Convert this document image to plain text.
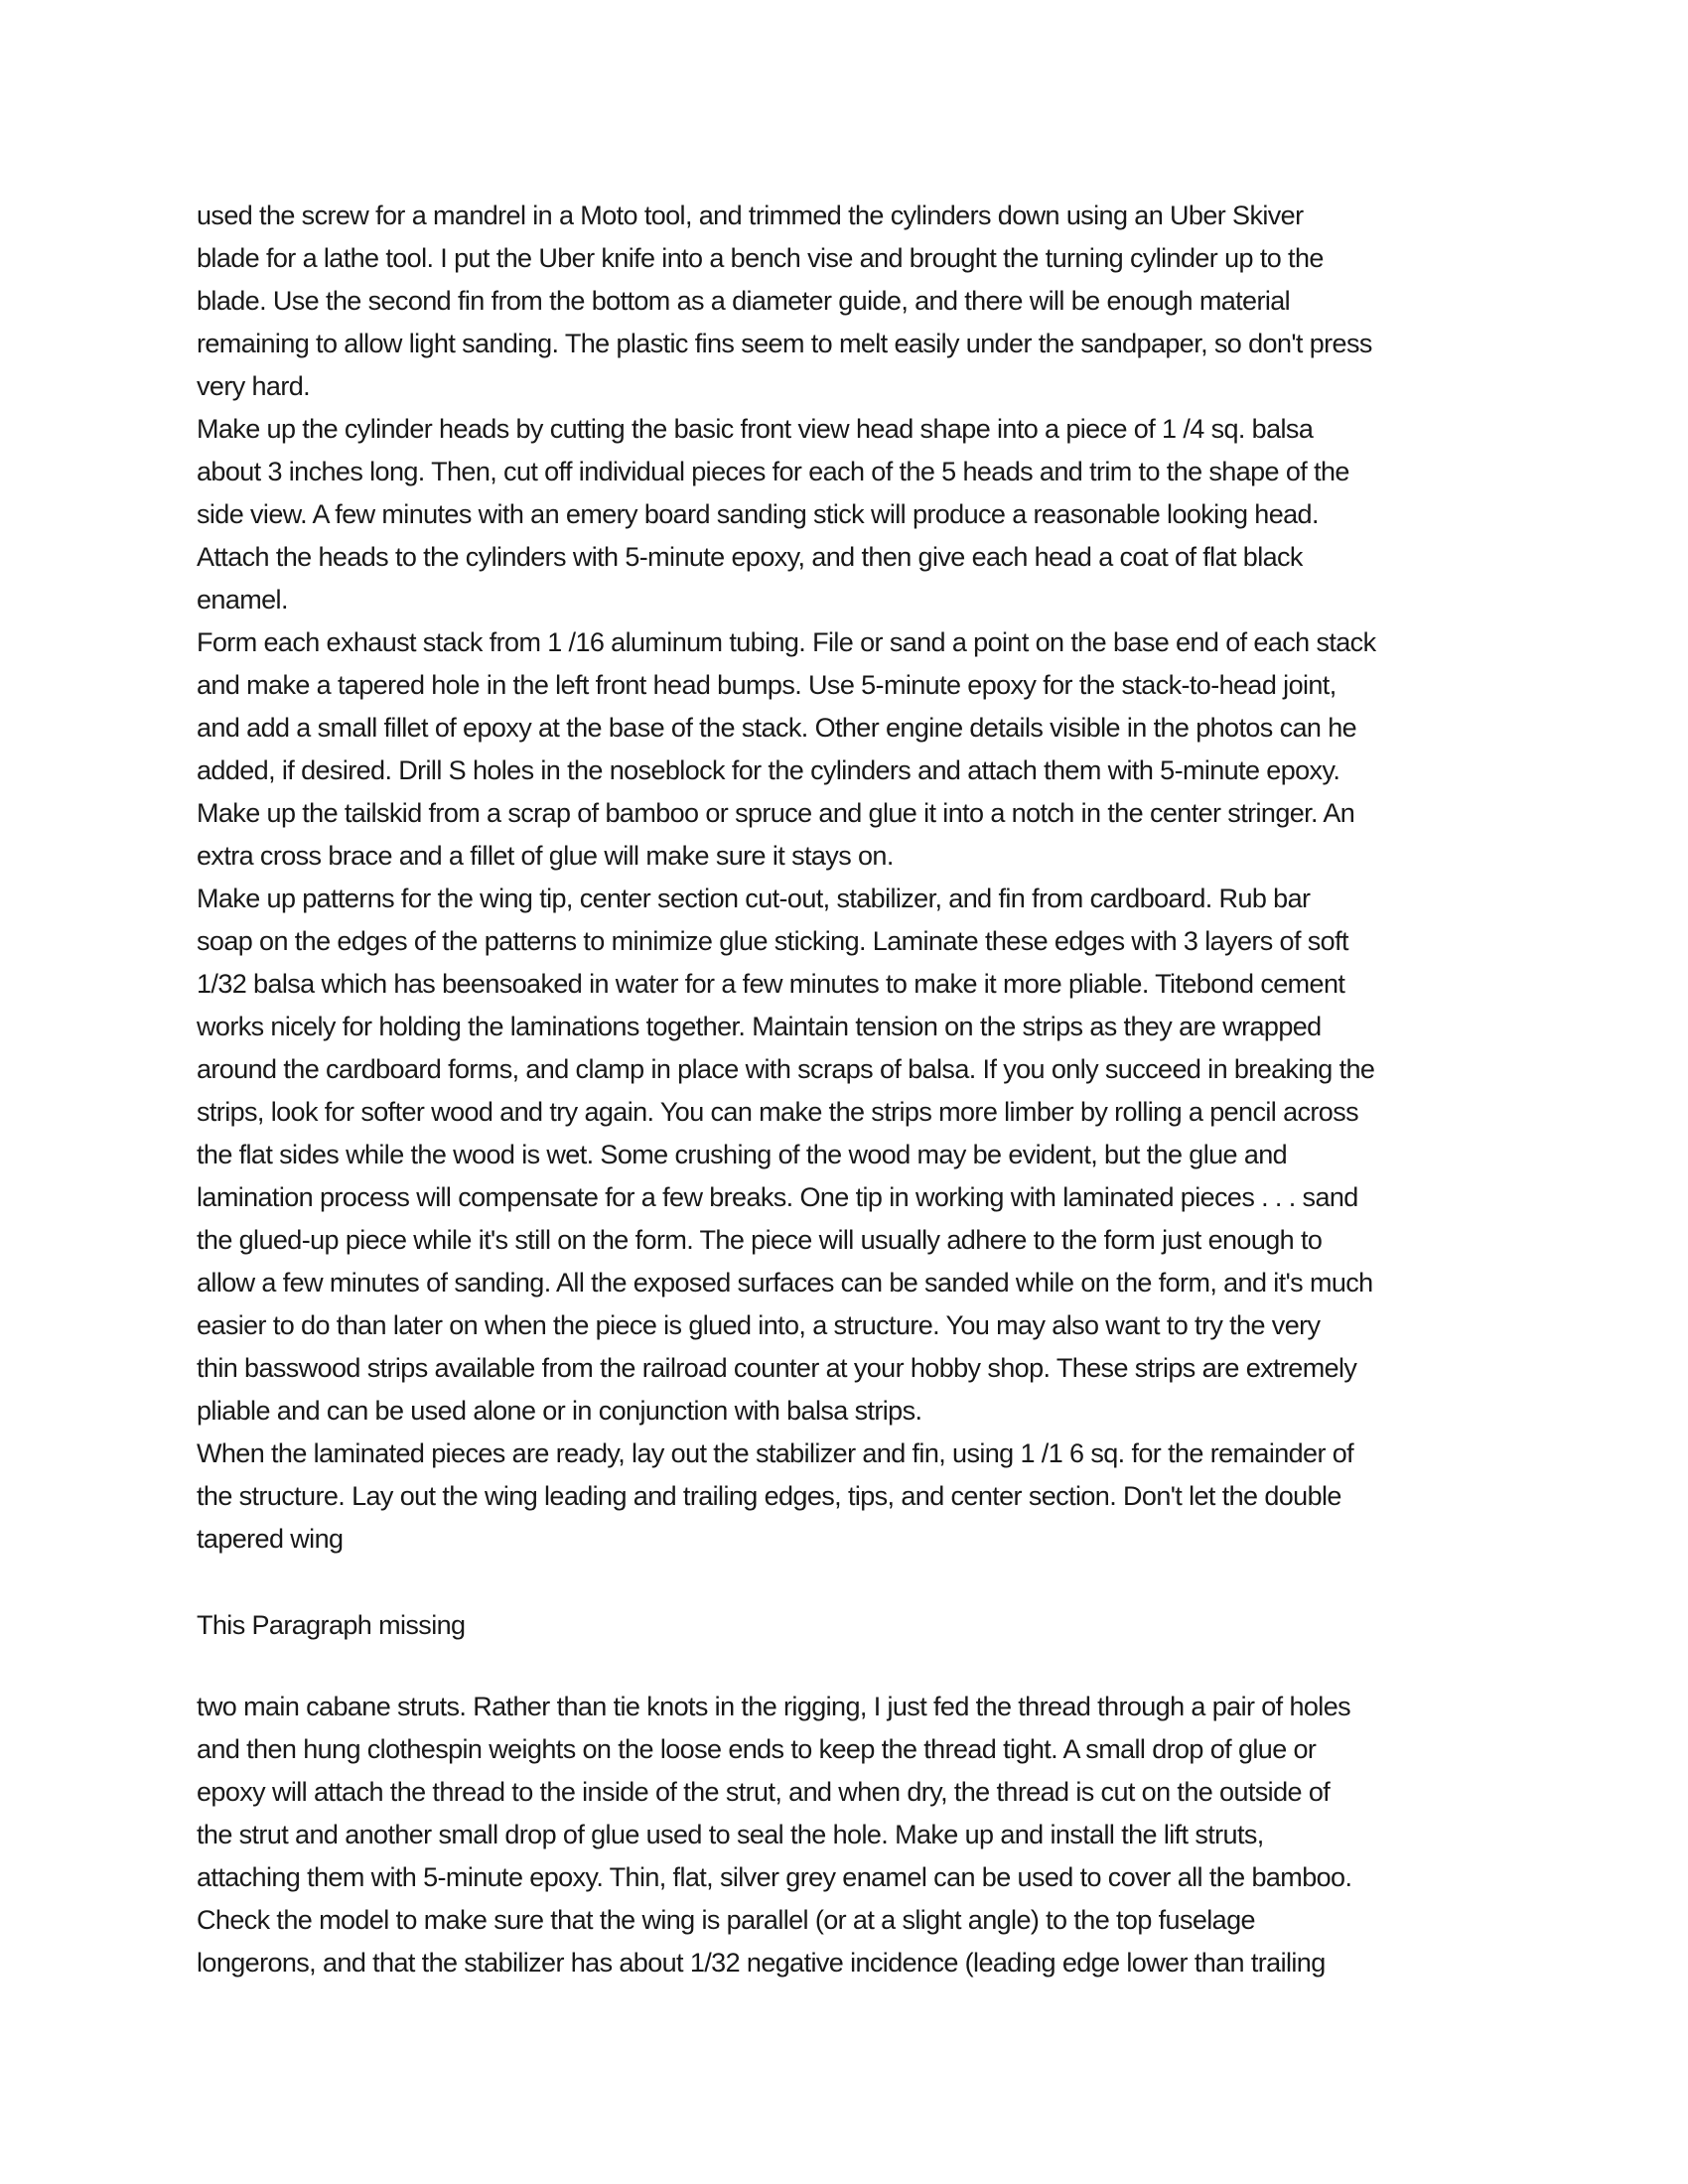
used the screw for a mandrel in a Moto tool, and trimmed the cylinders down using an Uber Skiver
blade for a lathe tool. I put the Uber knife into a bench vise and brought the turning cylinder up to the
blade. Use the second fin from the bottom as a diameter guide, and there will be enough material
remaining to allow light sanding. The plastic fins seem to melt easily under the sandpaper, so don't press
very hard.
Make up the cylinder heads by cutting the basic front view head shape into a piece of 1 /4 sq. balsa
about 3 inches long. Then, cut off individual pieces for each of the 5 heads and trim to the shape of the
side view. A few minutes with an emery board sanding stick will produce a reasonable looking head.
Attach the heads to the cylinders with 5-minute epoxy, and then give each head a coat of flat black
enamel.
Form each exhaust stack from 1 /16 aluminum tubing. File or sand a point on the base end of each stack
and make a tapered hole in the left front head bumps. Use 5-minute epoxy for the stack-to-head joint,
and add a small fillet of epoxy at the base of the stack. Other engine details visible in the photos can he
added, if desired. Drill S holes in the noseblock for the cylinders and attach them with 5-minute epoxy.
Make up the tailskid from a scrap of bamboo or spruce and glue it into a notch in the center stringer. An
extra cross brace and a fillet of glue will make sure it stays on.
Make up patterns for the wing tip, center section cut-out, stabilizer, and fin from cardboard. Rub bar
soap on the edges of the patterns to minimize glue sticking. Laminate these edges with 3 layers of soft
1/32 balsa which has beensoaked in water for a few minutes to make it more pliable. Titebond cement
works nicely for holding the laminations together. Maintain tension on the strips as they are wrapped
around the cardboard forms, and clamp in place with scraps of balsa. If you only succeed in breaking the
strips, look for softer wood and try again. You can make the strips more limber by rolling a pencil across
the flat sides while the wood is wet. Some crushing of the wood may be evident, but the glue and
lamination process will compensate for a few breaks. One tip in working with laminated pieces . . . sand
the glued-up piece while it's still on the form. The piece will usually adhere to the form just enough to
allow a few minutes of sanding. All the exposed surfaces can be sanded while on the form, and it's much
easier to do than later on when the piece is glued into, a structure. You may also want to try the very
thin basswood strips available from the railroad counter at your hobby shop. These strips are extremely
pliable and can be used alone or in conjunction with balsa strips.
When the laminated pieces are ready, lay out the stabilizer and fin, using 1 /1 6 sq. for the remainder of
the structure. Lay out the wing leading and trailing edges, tips, and center section. Don't let the double
tapered wing
This Paragraph missing
two main cabane struts. Rather than tie knots in the rigging, I just fed the thread through a pair of holes
and then hung clothespin weights on the loose ends to keep the thread tight. A small drop of glue or
epoxy will attach the thread to the inside of the strut, and when dry, the thread is cut on the outside of
the strut and another small drop of glue used to seal the hole. Make up and install the lift struts,
attaching them with 5-minute epoxy. Thin, flat, silver grey enamel can be used to cover all the bamboo.
Check the model to make sure that the wing is parallel (or at a slight angle) to the top fuselage
longerons, and that the stabilizer has about 1/32 negative incidence (leading edge lower than trailing
